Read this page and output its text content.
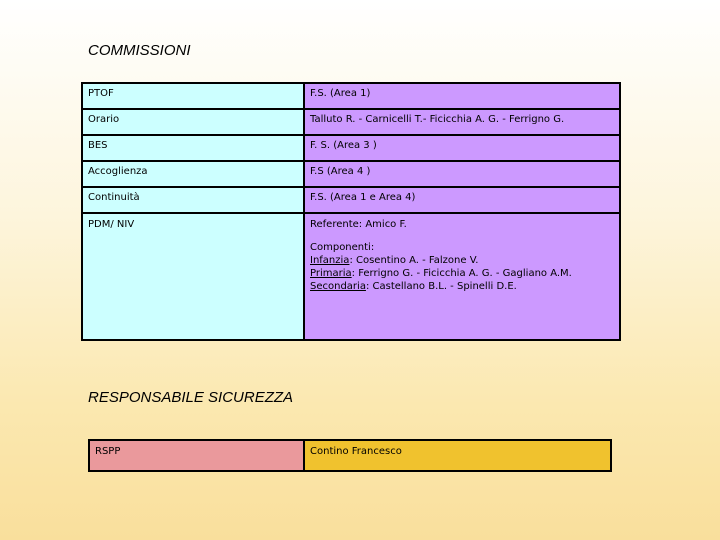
COMMISSIONI
PTOF	F.S. (Area 1)
Orario	Talluto R. - Carnicelli T.- Ficicchia A. G. - Ferrigno G.
BES	F. S. (Area 3 )
Accoglienza	F.S (Area 4 )
Continuità	F.S. (Area 1 e Area 4)
PDM/ NIV	Referente: Amico F.
Componenti:
Infanzia: Cosentino A. - Falzone V.
Primaria: Ferrigno G. - Ficicchia A. G. - Gagliano A.M.
Secondaria: Castellano B.L. - Spinelli D.E.
RESPONSABILE SICUREZZA
RSPP	Contino Francesco
